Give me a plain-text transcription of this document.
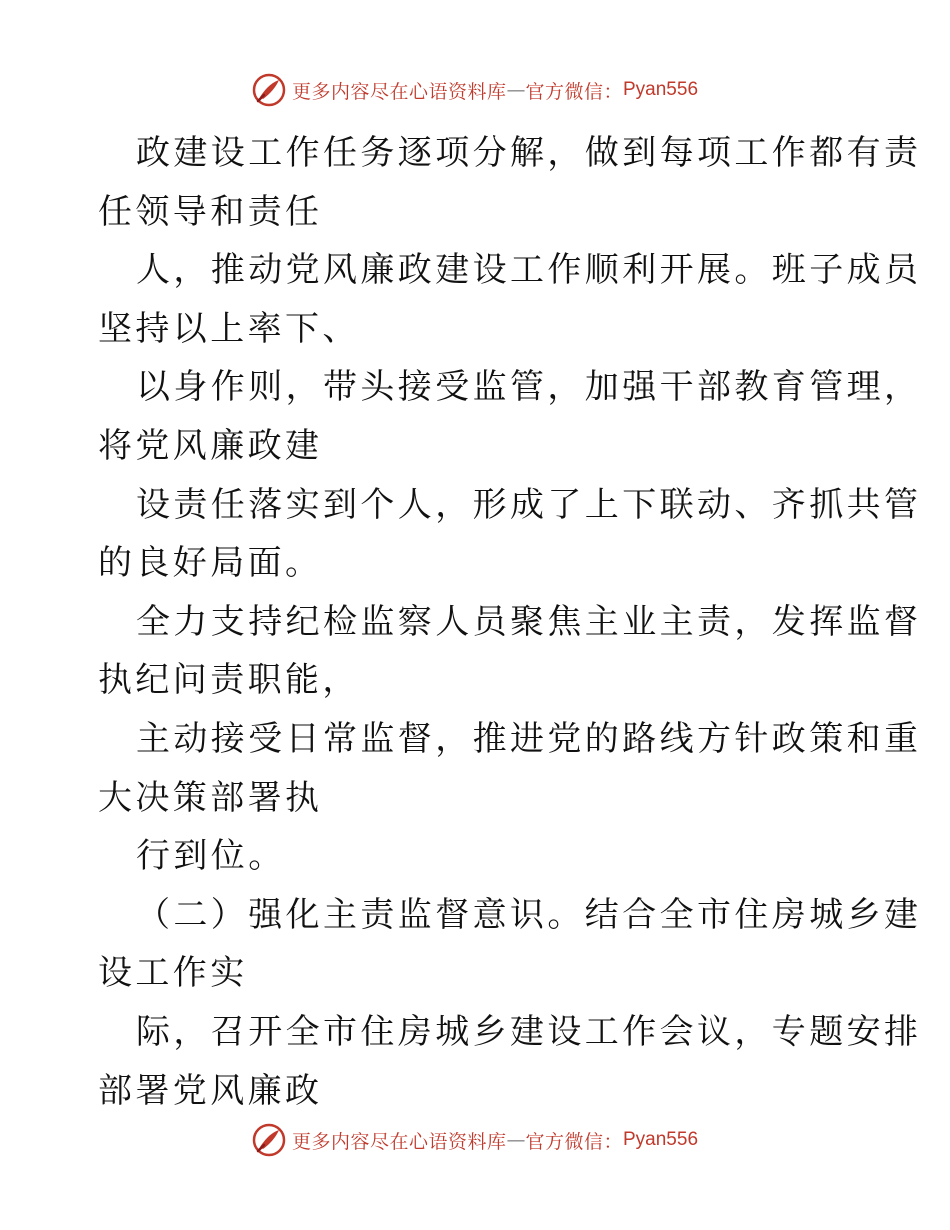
更多内容尽在心语资料库 — 官方微信： Pyan556

政建设工作任务逐项分解，做到每项工作都有责

任领导和责任

人，推动党风廉政建设工作顺利开展。班子成员

坚持以上率下、

以身作则，带头接受监管，加强干部教育管理，

将党风廉政建

设责任落实到个人，形成了上下联动、齐抓共管

的良好局面。

全力支持纪检监察人员聚焦主业主责，发挥监督

执纪问责职能，

主动接受日常监督，推进党的路线方针政策和重

大决策部署执

行到位。

（二）强化主责监督意识。结合全市住房城乡建

设工作实

际，召开全市住房城乡建设工作会议，专题安排

部署党风廉政

更多内容尽在心语资料库 — 官方微信： Pyan556
